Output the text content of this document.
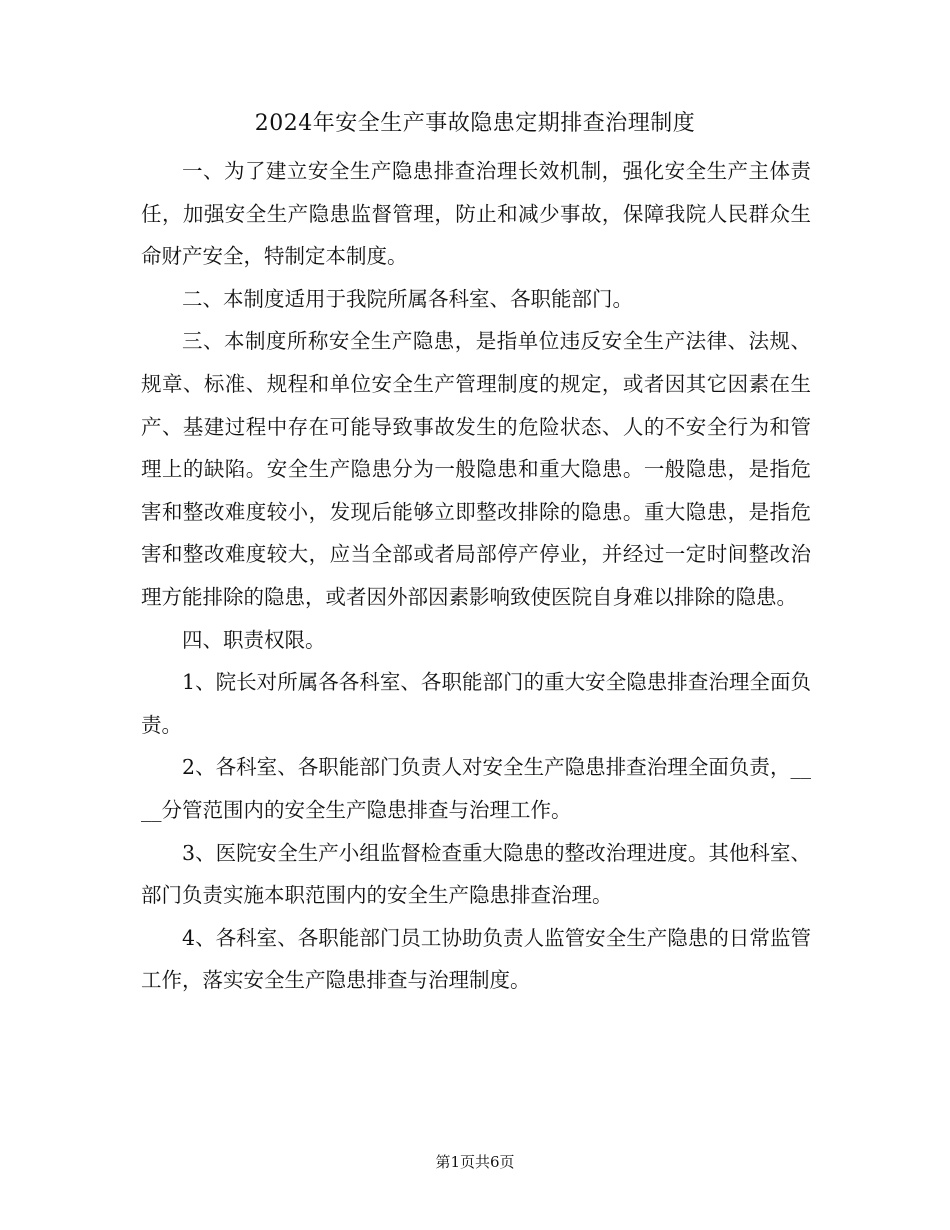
2024年安全生产事故隐患定期排查治理制度

一、为了建立安全生产隐患排查治理长效机制，强化安全生产主体责任，加强安全生产隐患监督管理，防止和减少事故，保障我院人民群众生命财产安全，特制定本制度。

二、本制度适用于我院所属各科室、各职能部门。

三、本制度所称安全生产隐患，是指单位违反安全生产法律、法规、规章、标准、规程和单位安全生产管理制度的规定，或者因其它因素在生产、基建过程中存在可能导致事故发生的危险状态、人的不安全行为和管理上的缺陷。安全生产隐患分为一般隐患和重大隐患。一般隐患，是指危害和整改难度较小，发现后能够立即整改排除的隐患。重大隐患，是指危害和整改难度较大，应当全部或者局部停产停业，并经过一定时间整改治理方能排除的隐患，或者因外部因素影响致使医院自身难以排除的隐患。

四、职责权限。

1、院长对所属各各科室、各职能部门的重大安全隐患排查治理全面负责。

2、各科室、各职能部门负责人对安全生产隐患排查治理全面负责，____分管范围内的安全生产隐患排查与治理工作。

3、医院安全生产小组监督检查重大隐患的整改治理进度。其他科室、部门负责实施本职范围内的安全生产隐患排查治理。

4、各科室、各职能部门员工协助负责人监管安全生产隐患的日常监管工作，落实安全生产隐患排查与治理制度。

第1页共6页
